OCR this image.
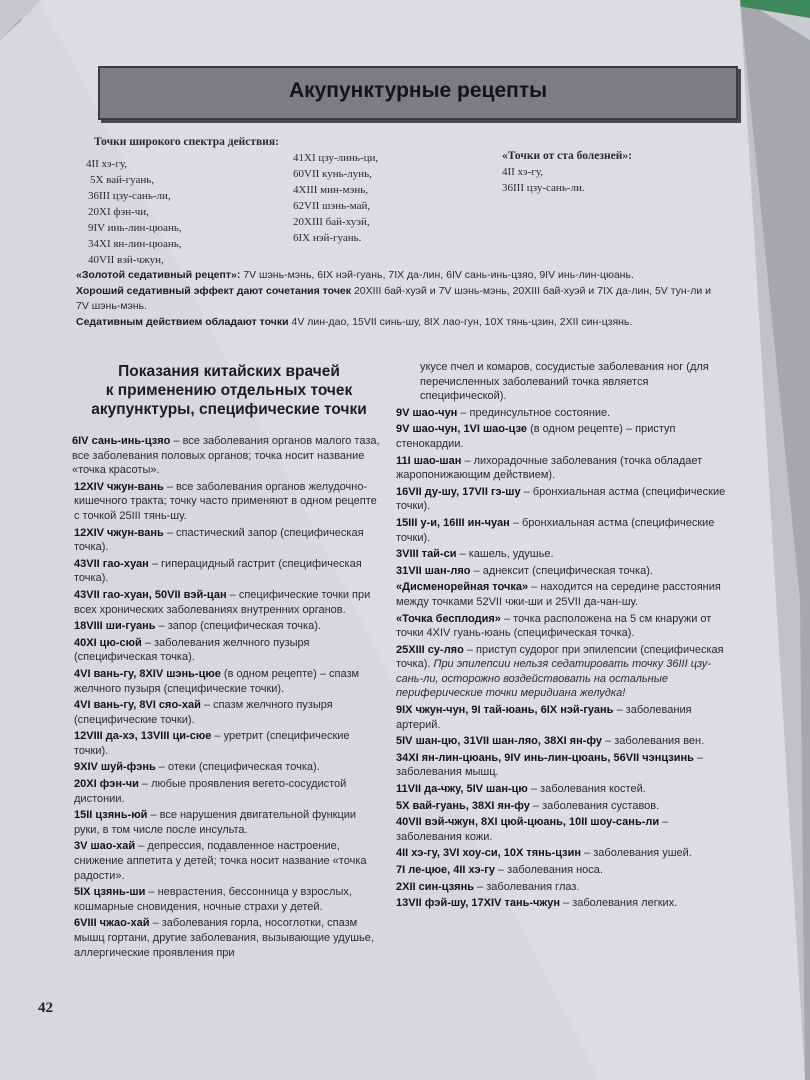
Акупунктурные рецепты
Точки широкого спектра действия:
4II хэ-гу,
5X вай-гуань,
36III цзу-сань-ли,
20XI фэн-чи,
9IV инь-лин-цюань,
34XI ян-лин-цюань,
40VII вэй-чжун,
41XI цзу-линь-ци,
60VII кунь-лунь,
4XIII мин-мэнь,
62VII шэнь-май,
20XIII бай-хуэй,
6IX нэй-гуань.
«Точки от ста болезней»:
4II хэ-гу,
36III цзу-сань-ли.
«Золотой седативный рецепт»: 7V шэнь-мэнь, 6IX нэй-гуань, 7IX да-лин, 6IV сань-инь-цзяо, 9IV инь-лин-цюань.
Хороший седативный эффект дают сочетания точек 20XIII бай-хуэй и 7V шэнь-мэнь, 20XIII бай-хуэй и 7IX да-лин, 5V тун-ли и 7V шэнь-мэнь.
Седативным действием обладают точки 4V лин-дао, 15VII синь-шу, 8IX лао-гун, 10X тянь-цзин, 2XII син-цзянь.
Показания китайских врачей
к применению отдельных точек
акупунктуры, специфические точки
6IV сань-инь-цзяо – все заболевания органов малого таза, все заболевания половых органов; точка носит название «точка красоты».
12XIV чжун-вань – все заболевания органов желудочно-кишечного тракта; точку часто применяют в одном рецепте с точкой 25III тянь-шу.
12XIV чжун-вань – спастический запор (специфическая точка).
43VII гао-хуан – гиперацидный гастрит (специфическая точка).
43VII гао-хуан, 50VII вэй-цан – специфические точки при всех хронических заболеваниях внутренних органов.
18VIII ши-гуань – запор (специфическая точка).
40XI цю-сюй – заболевания желчного пузыря (специфическая точка).
4VI вань-гу, 8XIV шэнь-цюе (в одном рецепте) – спазм желчного пузыря (специфические точки).
4VI вань-гу, 8VI сяо-хай – спазм желчного пузыря (специфические точки).
12VIII да-хэ, 13VIII ци-сюе – уретрит (специфические точки).
9XIV шуй-фэнь – отеки (специфическая точка).
20XI фэн-чи – любые проявления вегето-сосудистой дистонии.
15II цзянь-юй – все нарушения двигательной функции руки, в том числе после инсульта.
3V шао-хай – депрессия, подавленное настроение, снижение аппетита у детей; точка носит название «точка радости».
5IX цзянь-ши – неврастения, бессонница у взрослых, кошмарные сновидения, ночные страхи у детей.
6VIII чжао-хай – заболевания горла, носоглотки, спазм мышц гортани, другие заболевания, вызывающие удушье, аллергические проявления при
укусе пчел и комаров, сосудистые заболевания ног (для перечисленных заболеваний точка является специфической).
9V шао-чун – прединсультное состояние.
9V шао-чун, 1VI шао-цзе (в одном рецепте) – приступ стенокардии.
11I шао-шан – лихорадочные заболевания (точка обладает жаропонижающим действием).
16VII ду-шу, 17VII гэ-шу – бронхиальная астма (специфические точки).
15III у-и, 16III ин-чуан – бронхиальная астма (специфические точки).
3VIII тай-си – кашель, удушье.
31VII шан-ляо – аднексит (специфическая точка).
«Дисменорейная точка» – находится на середине расстояния между точками 52VII чжи-ши и 25VII да-чан-шу.
«Точка бесплодия» – точка расположена на 5 см кнаружи от точки 4XIV гуань-юань (специфическая точка).
25XIII су-ляо – приступ судорог при эпилепсии (специфическая точка). При эпилепсии нельзя седатировать точку 36III цзу-сань-ли, осторожно воздействовать на остальные периферические точки меридиана желудка!
9IX чжун-чун, 9I тай-юань, 6IX нэй-гуань – заболевания артерий.
5IV шан-цю, 31VII шан-ляо, 38XI ян-фу – заболевания вен.
34XI ян-лин-цюань, 9IV инь-лин-цюань, 56VII чэнцзинь – заболевания мышц.
11VII да-чжу, 5IV шан-цю – заболевания костей.
5X вай-гуань, 38XI ян-фу – заболевания суставов.
40VII вэй-чжун, 8XI цюй-цюань, 10II шоу-сань-ли – заболевания кожи.
4II хэ-гу, 3VI хоу-си, 10X тянь-цзин – заболевания ушей.
7I ле-цюе, 4II хэ-гу – заболевания носа.
2XII син-цзянь – заболевания глаз.
13VII фэй-шу, 17XIV тань-чжун – заболевания легких.
42
